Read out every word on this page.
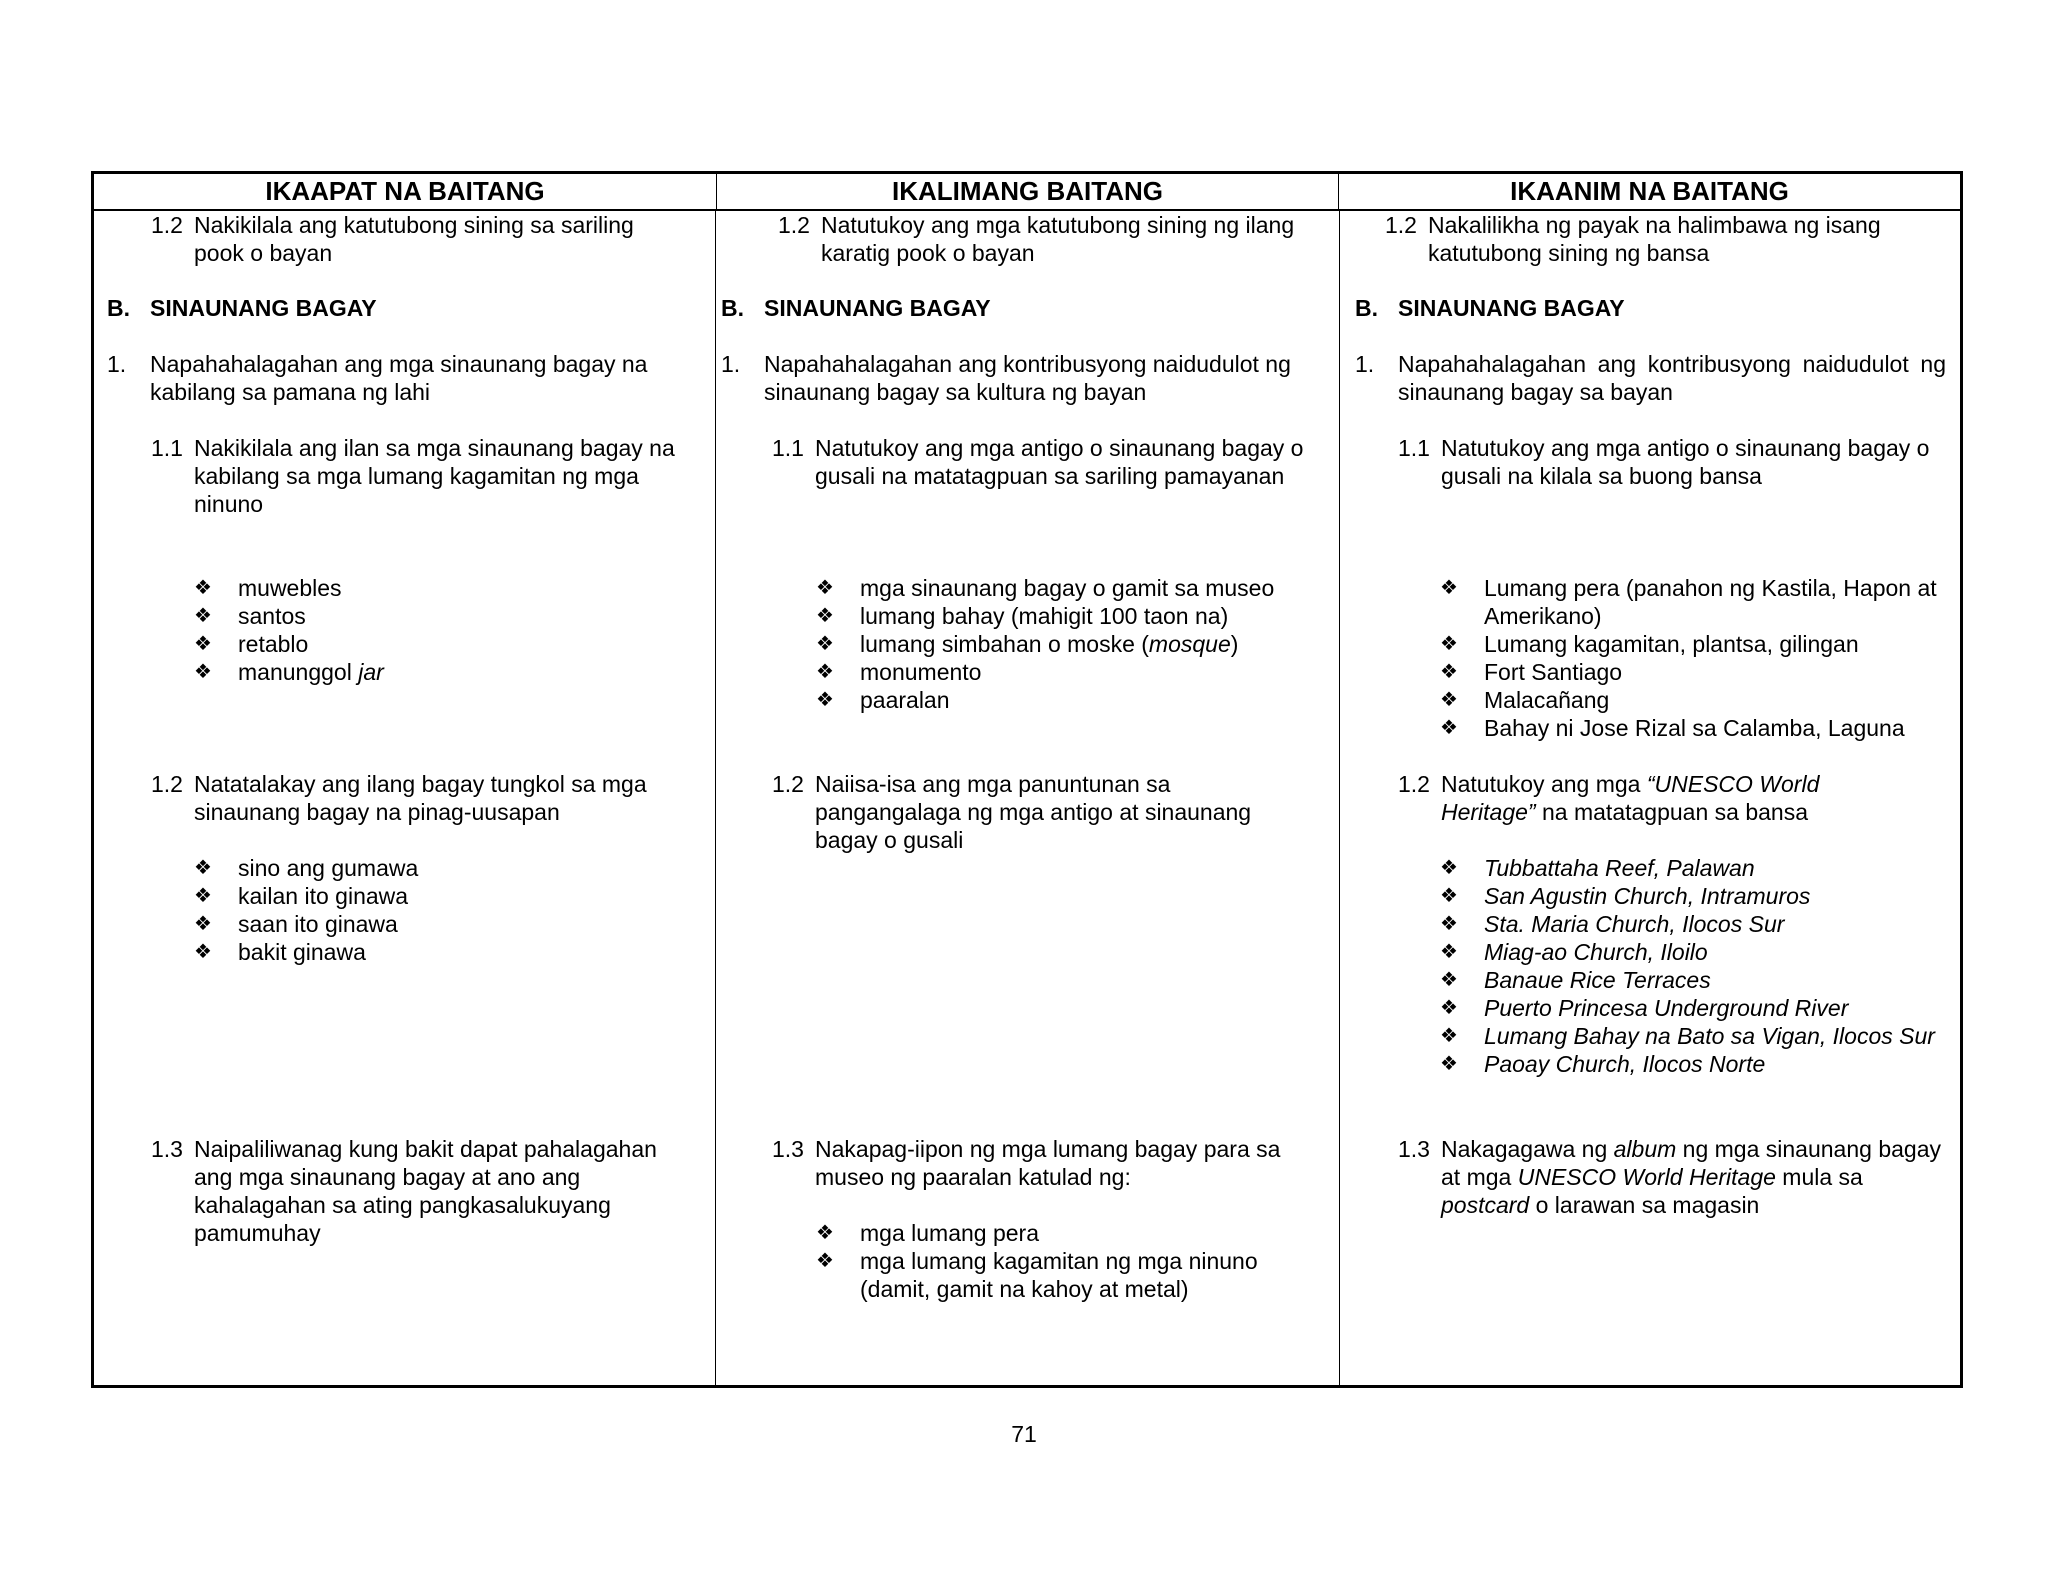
IKAAPAT NA BAITANG	IKALIMANG BAITANG	IKAANIM NA BAITANG
1.2 Nakikilala ang katutubong sining sa sariling pook o bayan
B. SINAUNANG BAGAY
1. Napahahalagahan ang mga sinaunang bagay na kabilang sa pamana ng lahi
1.1 Nakikilala ang ilan sa mga sinaunang bagay na kabilang sa mga lumang kagamitan ng mga ninuno
❖ muwebles
❖ santos
❖ retablo
❖ manunggol jar
1.2 Natatalakay ang ilang bagay tungkol sa mga sinaunang bagay na pinag-uusapan
❖ sino ang gumawa
❖ kailan ito ginawa
❖ saan ito ginawa
❖ bakit ginawa
1.3 Naipaliliwanag kung bakit dapat pahalagahan ang mga sinaunang bagay at ano ang kahalagahan sa ating pangkasalukuyang pamumuhay
1.2 Natutukoy ang mga katutubong sining ng ilang karatig pook o bayan
B. SINAUNANG BAGAY
1. Napahahalagahan ang kontribusyong naidudulot ng sinaunang bagay sa kultura ng bayan
1.1 Natutukoy ang mga antigo o sinaunang bagay o gusali na matatagpuan sa sariling pamayanan
❖ mga sinaunang bagay o gamit sa museo
❖ lumang bahay (mahigit 100 taon na)
❖ lumang simbahan o moske (mosque)
❖ monumento
❖ paaralan
1.2 Naiisa-isa ang mga panuntunan sa pangangalaga ng mga antigo at sinaunang bagay o gusali
1.3 Nakapag-iipon ng mga lumang bagay para sa museo ng paaralan katulad ng:
❖ mga lumang pera
❖ mga lumang kagamitan ng mga ninuno (damit, gamit na kahoy at metal)
1.2 Nakalilikha ng payak na halimbawa ng isang katutubong sining ng bansa
B. SINAUNANG BAGAY
1. Napahahalagahan ang kontribusyong naidudulot ng sinaunang bagay sa bayan
1.1 Natutukoy ang mga antigo o sinaunang bagay o gusali na kilala sa buong bansa
❖ Lumang pera (panahon ng Kastila, Hapon at Amerikano)
❖ Lumang kagamitan, plantsa, gilingan
❖ Fort Santiago
❖ Malacañang
❖ Bahay ni Jose Rizal sa Calamba, Laguna
1.2 Natutukoy ang mga “UNESCO World Heritage” na matatagpuan sa bansa
❖ Tubbattaha Reef, Palawan
❖ San Agustin Church, Intramuros
❖ Sta. Maria Church, Ilocos Sur
❖ Miag-ao Church, Iloilo
❖ Banaue Rice Terraces
❖ Puerto Princesa Underground River
❖ Lumang Bahay na Bato sa Vigan, Ilocos Sur
❖ Paoay Church, Ilocos Norte
1.3 Nakagagawa ng album ng mga sinaunang bagay at mga UNESCO World Heritage mula sa postcard o larawan sa magasin
71
